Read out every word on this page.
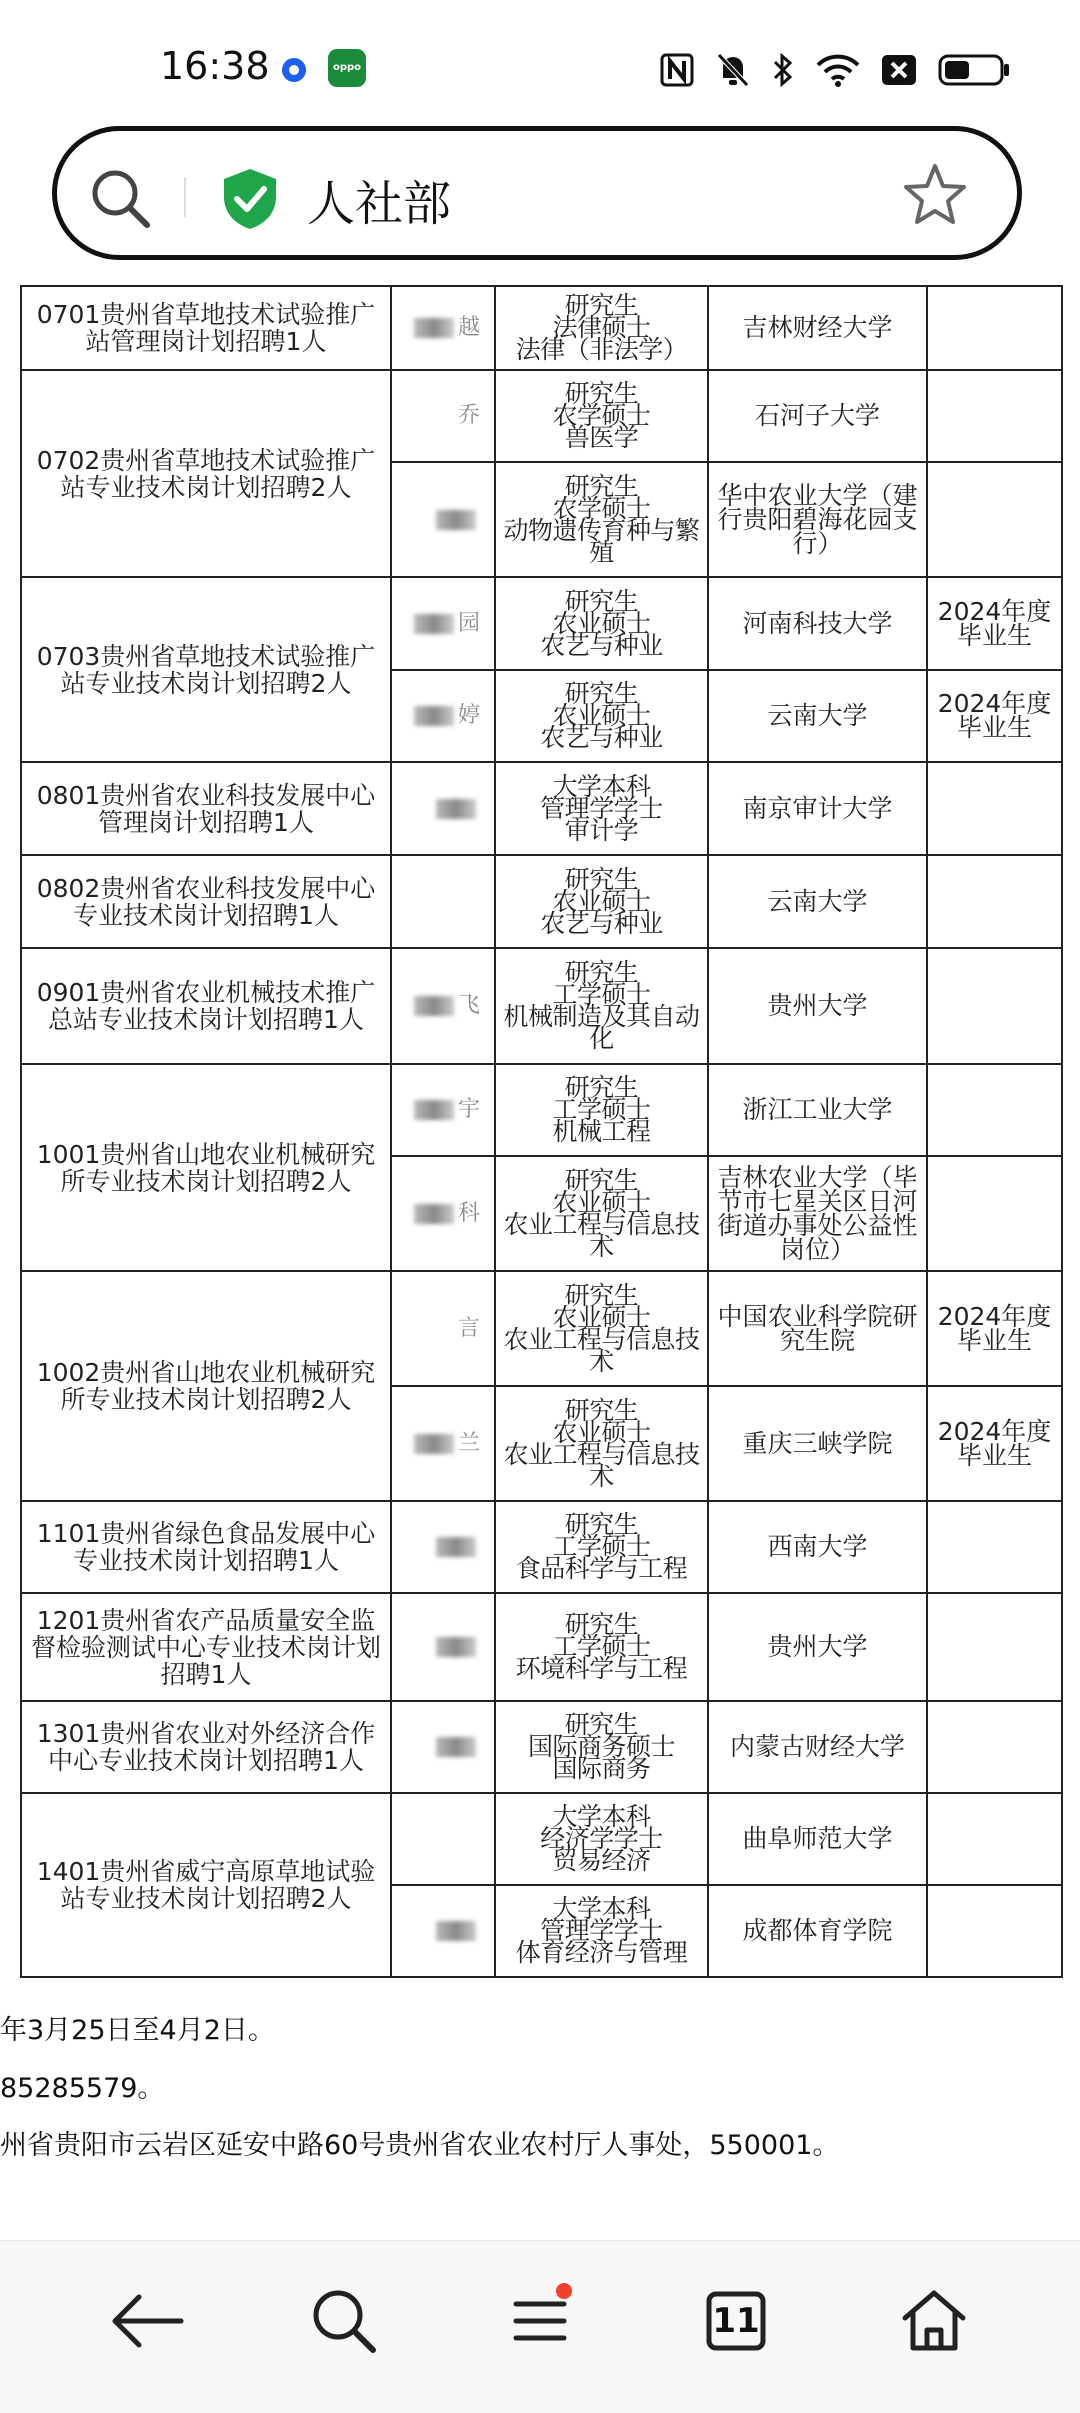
16:38	oppo
人社部
0701贵州省草地技术试验推广站管理岗计划招聘1人	越	研究生
法律硕士
法律（非法学）	吉林财经大学	
0702贵州省草地技术试验推广站专业技术岗计划招聘2人	乔	研究生
农学硕士
兽医学	石河子大学	

		研究生
农学硕士
动物遗传育种与繁殖	华中农业大学（建行贵阳碧海花园支行）	
0703贵州省草地技术试验推广站专业技术岗计划招聘2人	园	研究生
农业硕士
农艺与种业	河南科技大学	2024年度毕业生
	婷	研究生
农业硕士
农艺与种业	云南大学	2024年度毕业生
0801贵州省农业科技发展中心管理岗计划招聘1人		大学本科
管理学学士
审计学	南京审计大学	
0802贵州省农业科技发展中心专业技术岗计划招聘1人		研究生
农业硕士
农艺与种业	云南大学	
0901贵州省农业机械技术推广总站专业技术岗计划招聘1人	飞	研究生
工学硕士
机械制造及其自动化	贵州大学	
1001贵州省山地农业机械研究所专业技术岗计划招聘2人	宇	研究生
工学硕士
机械工程	浙江工业大学	
	科	研究生
农业硕士
农业工程与信息技术	吉林农业大学（毕节市七星关区日河街道办事处公益性岗位）	
1002贵州省山地农业机械研究所专业技术岗计划招聘2人	言	研究生
农业硕士
农业工程与信息技术	中国农业科学院研究生院	2024年度毕业生
	兰	研究生
农业硕士
农业工程与信息技术	重庆三峡学院	2024年度毕业生
1101贵州省绿色食品发展中心专业技术岗计划招聘1人		研究生
工学硕士
食品科学与工程	西南大学	
1201贵州省农产品质量安全监督检验测试中心专业技术岗计划招聘1人		研究生
工学硕士
环境科学与工程	贵州大学	
1301贵州省农业对外经济合作中心专业技术岗计划招聘1人		研究生
国际商务硕士
国际商务	内蒙古财经大学	
1401贵州省威宁高原草地试验站专业技术岗计划招聘2人		大学本科
经济学学士
贸易经济	曲阜师范大学	

		大学本科
管理学学士
体育经济与管理	成都体育学院	
年3月25日至4月2日。
85285579。
州省贵阳市云岩区延安中路60号贵州省农业农村厅人事处，550001。
11
